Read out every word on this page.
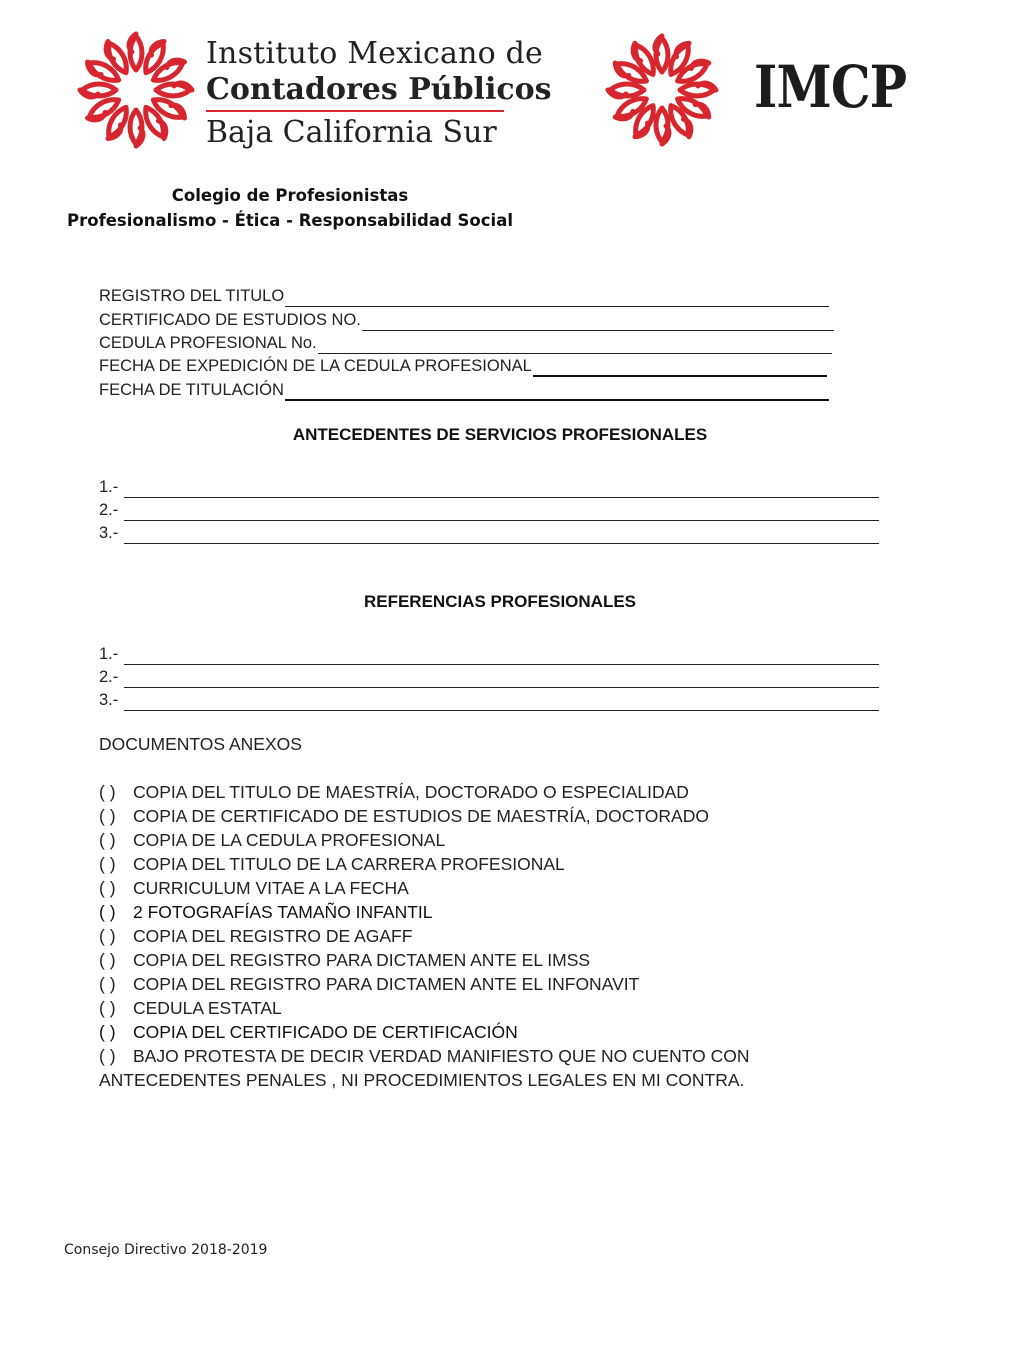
Instituto Mexicano de
Contadores Públicos
Baja California Sur
IMCP
Colegio de Profesionistas
Profesionalismo - Ética - Responsabilidad Social
REGISTRO DEL TITULO
CERTIFICADO DE ESTUDIOS NO.
CEDULA PROFESIONAL No.
FECHA DE EXPEDICIÓN DE LA CEDULA PROFESIONAL
FECHA DE TITULACIÓN
ANTECEDENTES DE SERVICIOS PROFESIONALES
1.-
2.-
3.-
REFERENCIAS PROFESIONALES
1.-
2.-
3.-
DOCUMENTOS ANEXOS
( ) COPIA DEL TITULO DE MAESTRÍA, DOCTORADO O ESPECIALIDAD
( ) COPIA DE CERTIFICADO DE ESTUDIOS DE MAESTRÍA, DOCTORADO
( ) COPIA DE LA CEDULA PROFESIONAL
( ) COPIA DEL TITULO DE LA CARRERA PROFESIONAL
( ) CURRICULUM VITAE A LA FECHA
( ) 2 FOTOGRAFÍAS TAMAÑO INFANTIL
( ) COPIA DEL REGISTRO DE AGAFF
( ) COPIA DEL REGISTRO PARA DICTAMEN ANTE EL IMSS
( ) COPIA DEL REGISTRO PARA DICTAMEN ANTE EL INFONAVIT
( ) CEDULA ESTATAL
( ) COPIA DEL CERTIFICADO DE CERTIFICACIÓN
( ) BAJO PROTESTA DE DECIR VERDAD MANIFIESTO QUE NO CUENTO CON
ANTECEDENTES PENALES , NI PROCEDIMIENTOS LEGALES EN MI CONTRA.
Consejo Directivo 2018-2019
